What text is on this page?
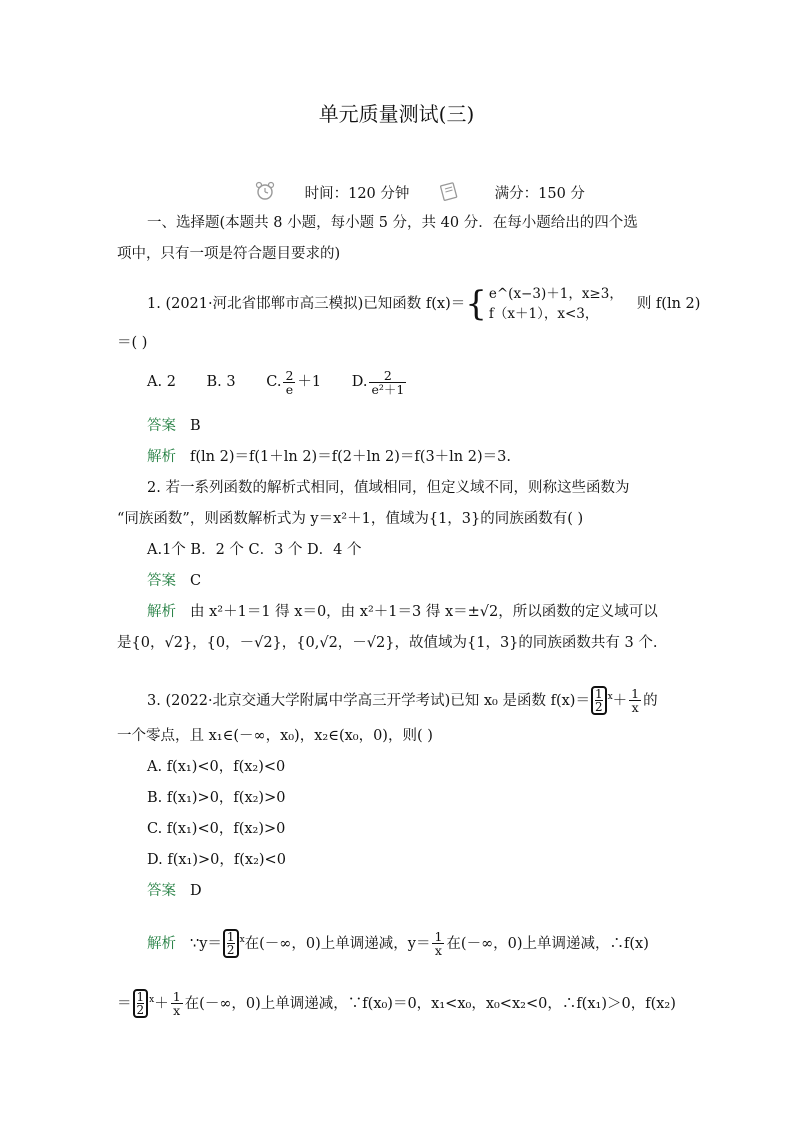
单元质量测试(三)
时间：120 分钟	满分：150 分
一、选择题(本题共 8 小题，每小题 5 分，共 40 分．在每小题给出的四个选
项中，只有一项是符合题目要求的)
1. (2021·河北省邯郸市高三模拟)已知函数 f(x)＝{ e^(x−3)＋1，x≥3，
f（x＋1），x<3，
则 f(ln 2)
＝( )
A. 2 B. 3 C. $\frac{2}{e} +1$ D. $\frac{2}{\text{e²＋1}}$
答案 B
解析 f(ln 2)＝f(1＋ln 2)＝f(2＋ln 2)＝f(3＋ln 2)＝3.
2. 若一系列函数的解析式相同，值域相同，但定义域不同，则称这些函数为
“同族函数”，则函数解析式为 y＝x²＋1，值域为{1，3}的同族函数有( )
A.1个 B．2 个 C．3 个 D．4 个
答案 C
解析 由 x²＋1＝1 得 x＝0，由 x²＋1＝3 得 x＝±√2，所以函数的定义域可以
是{0，√2}，{0，－√2}，{0,√2，－√2}，故值域为{1，3}的同族函数共有 3 个.
3. (2022·北京交通大学附属中学高三开学考试)已知 x₀ 是函数 $f(x)= \frac{1}{2} ^x+ \frac{1}{x}$ 的
一个零点，且 x₁∈(－∞，x₀)，x₂∈(x₀，0)，则( )
A. f(x₁)<0，f(x₂)<0
B. f(x₁)>0，f(x₂)>0
C. f(x₁)<0，f(x₂)>0
D. f(x₁)>0，f(x₂)<0
答案 D
解析 ∵y＝ $\frac{1}{2} ^x$在(－∞，0)上单调递减，$y= \frac{1}{x}$ 在(－∞，0)上单调递减，∴f(x)
＝ $\frac{1}{2} ^x+ \frac{1}{x}$ 在(－∞，0)上单调递减，∵f(x₀)＝0，x₁<x₀，x₀<x₂<0，∴f(x₁)＞0，f(x₂)
